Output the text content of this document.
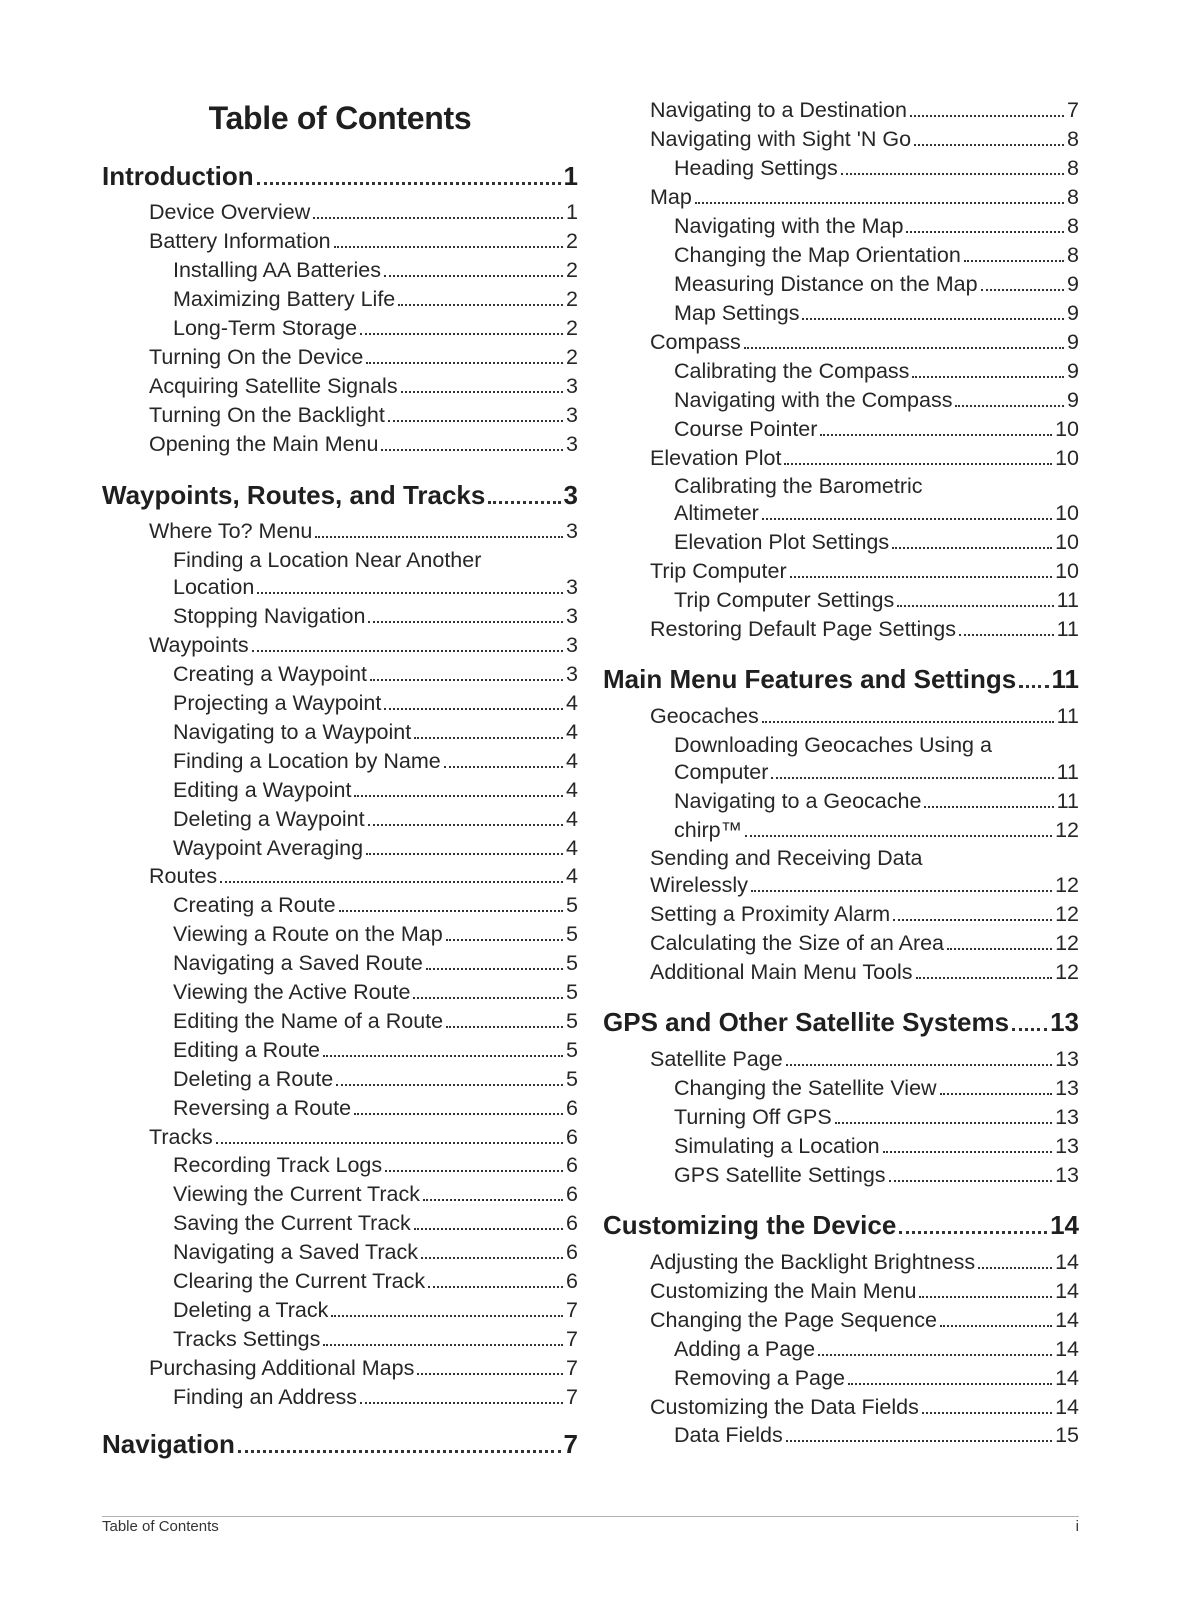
Table of Contents
Introduction	1
Device Overview	1
Battery Information	2
Installing AA Batteries	2
Maximizing Battery Life	2
Long-Term Storage	2
Turning On the Device	2
Acquiring Satellite Signals	3
Turning On the Backlight	3
Opening the Main Menu	3
Waypoints, Routes, and Tracks	3
Where To? Menu	3
Finding a Location Near Another
Location	3
Stopping Navigation	3
Waypoints	3
Creating a Waypoint	3
Projecting a Waypoint	4
Navigating to a Waypoint	4
Finding a Location by Name	4
Editing a Waypoint	4
Deleting a Waypoint	4
Waypoint Averaging	4
Routes	4
Creating a Route	5
Viewing a Route on the Map	5
Navigating a Saved Route	5
Viewing the Active Route	5
Editing the Name of a Route	5
Editing a Route	5
Deleting a Route	5
Reversing a Route	6
Tracks	6
Recording Track Logs	6
Viewing the Current Track	6
Saving the Current Track	6
Navigating a Saved Track	6
Clearing the Current Track	6
Deleting a Track	7
Tracks Settings	7
Purchasing Additional Maps	7
Finding an Address	7
Navigation	7
Navigating to a Destination	7
Navigating with Sight 'N Go	8
Heading Settings	8
Map	8
Navigating with the Map	8
Changing the Map Orientation	8
Measuring Distance on the Map	9
Map Settings	9
Compass	9
Calibrating the Compass	9
Navigating with the Compass	9
Course Pointer	10
Elevation Plot	10
Calibrating the Barometric
Altimeter	10
Elevation Plot Settings	10
Trip Computer	10
Trip Computer Settings	11
Restoring Default Page Settings	11
Main Menu Features and Settings 11
Geocaches	11
Downloading Geocaches Using a
Computer	11
Navigating to a Geocache	11
chirp™	12
Sending and Receiving Data
Wirelessly	12
Setting a Proximity Alarm	12
Calculating the Size of an Area	12
Additional Main Menu Tools	12
GPS and Other Satellite Systems 13
Satellite Page	13
Changing the Satellite View	13
Turning Off GPS	13
Simulating a Location	13
GPS Satellite Settings	13
Customizing the Device	14
Adjusting the Backlight Brightness	14
Customizing the Main Menu	14
Changing the Page Sequence	14
Adding a Page	14
Removing a Page	14
Customizing the Data Fields	14
Data Fields	15
Table of Contents	i
